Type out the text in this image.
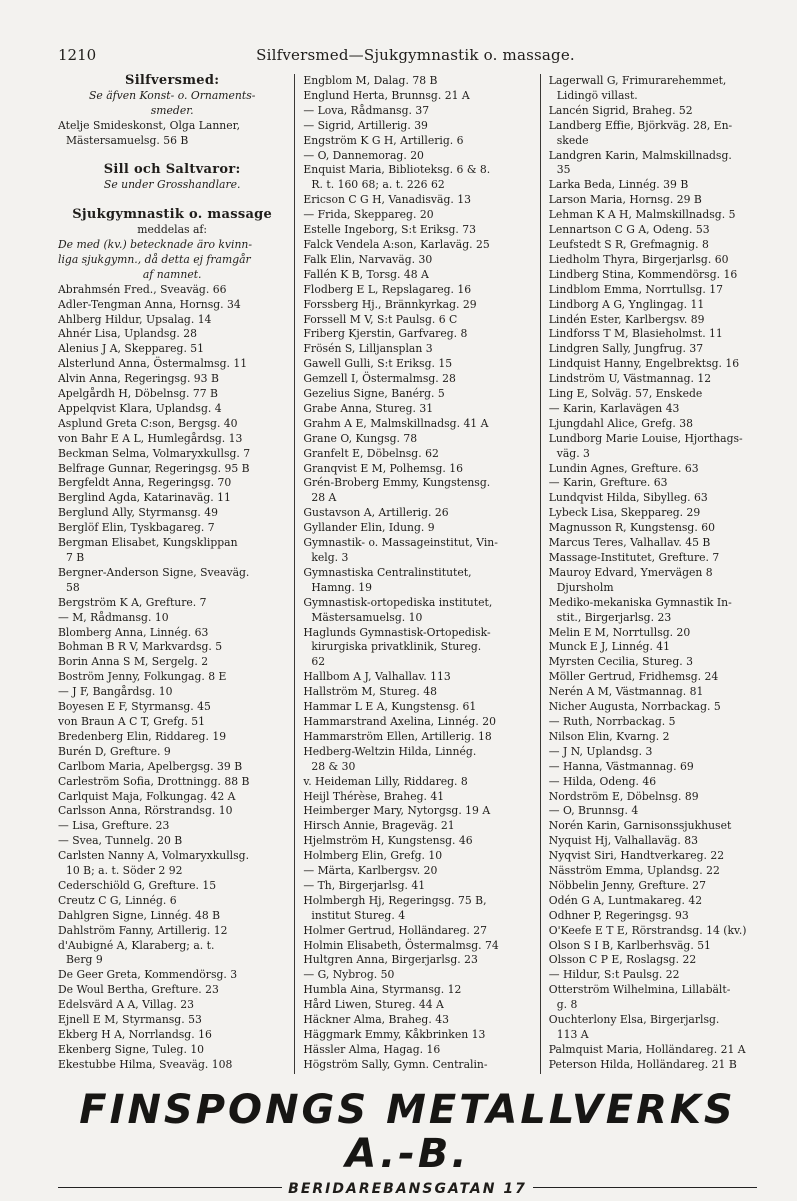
1210	Silfversmed—Sjukgymnastik o. massage.
Silfversmed:
Se äfven Konst- o. Ornaments-
smeder.
Atelje Smideskonst, Olga Lanner,
Mästersamuelsg. 56 B

Sill och Saltvaror:
Se under Grosshandlare.

Sjukgymnastik o. massage
meddelas af:
De med (kv.) betecknade äro kvinn-
liga sjukgymn., då detta ej framgår
af namnet.
Abrahmsén Fred., Sveaväg. 66
Adler-Tengman Anna, Hornsg. 34
Ahlberg Hildur, Upsalag. 14
Ahnér Lisa, Uplandsg. 28
Alenius J A, Skeppareg. 51
Alsterlund Anna, Östermalmsg. 11
Alvin Anna, Regeringsg. 93 B
Apelgårdh H, Döbelnsg. 77 B
Appelqvist Klara, Uplandsg. 4
Asplund Greta C:son, Bergsg. 40
von Bahr E A L, Humlegårdsg. 13
Beckman Selma, Volmaryxkullsg. 7
Belfrage Gunnar, Regeringsg. 95 B
Bergfeldt Anna, Regeringsg. 70
Berglind Agda, Katarinaväg. 11
Berglund Ally, Styrmansg. 49
Berglöf Elin, Tyskbagareg. 7
Bergman Elisabet, Kungsklippan
7 B
Bergner-Anderson Signe, Sveaväg.
58
Bergström K A, Grefture. 7
— M, Rådmansg. 10
Blomberg Anna, Linnég. 63
Bohman B R V, Markvardsg. 5
Borin Anna S M, Sergelg. 2
Boström Jenny, Folkungag. 8 E
— J F, Bangårdsg. 10
Boyesen E F, Styrmansg. 45
von Braun A C T, Grefg. 51
Bredenberg Elin, Riddareg. 19
Burén D, Grefture. 9
Carlbom Maria, Apelbergsg. 39 B
Carleström Sofia, Drottningg. 88 B
Carlquist Maja, Folkungag. 42 A
Carlsson Anna, Rörstrandsg. 10
— Lisa, Grefture. 23
— Svea, Tunnelg. 20 B
Carlsten Nanny A, Volmaryxkullsg.
10 B; a. t. Söder 2 92
Cederschiöld G, Grefture. 15
Creutz C G, Linnég. 6
Dahlgren Signe, Linnég. 48 B
Dahlström Fanny, Artillerig. 12
d'Aubigné A, Klaraberg; a. t.
Berg 9
De Geer Greta, Kommendörsg. 3
De Woul Bertha, Grefture. 23
Edelsvärd A A, Villag. 23
Ejnell E M, Styrmansg. 53
Ekberg H A, Norrlandsg. 16
Ekenberg Signe, Tuleg. 10
Ekestubbe Hilma, Sveaväg. 108
Engblom M, Dalag. 78 B
Englund Herta, Brunnsg. 21 A
— Lova, Rådmansg. 37
— Sigrid, Artillerig. 39
Engström K G H, Artillerig. 6
— O, Dannemorag. 20
Enquist Maria, Biblioteksg. 6 & 8.
R. t. 160 68; a. t. 226 62
Ericson C G H, Vanadisväg. 13
— Frida, Skeppareg. 20
Estelle Ingeborg, S:t Eriksg. 73
Falck Vendela A:son, Karlaväg. 25
Falk Elin, Narvaväg. 30
Fallén K B, Torsg. 48 A
Flodberg E L, Repslagareg. 16
Forssberg Hj., Brännkyrkag. 29
Forssell M V, S:t Paulsg. 6 C
Friberg Kjerstin, Garfvareg. 8
Frösén S, Lilljansplan 3
Gawell Gulli, S:t Eriksg. 15
Gemzell I, Östermalmsg. 28
Gezelius Signe, Banérg. 5
Grabe Anna, Stureg. 31
Grahm A E, Malmskillnadsg. 41 A
Grane O, Kungsg. 78
Granfelt E, Döbelnsg. 62
Granqvist E M, Polhemsg. 16
Grén-Broberg Emmy, Kungstensg.
28 A
Gustavson A, Artillerig. 26
Gyllander Elin, Idung. 9
Gymnastik- o. Massageinstitut, Vin-
kelg. 3
Gymnastiska Centralinstitutet,
Hamng. 19
Gymnastisk-ortopediska institutet,
Mästersamuelsg. 10
Haglunds Gymnastisk-Ortopedisk-
kirurgiska privatklinik, Stureg.
62
Hallbom A J, Valhallav. 113
Hallström M, Stureg. 48
Hammar L E A, Kungstensg. 61
Hammarstrand Axelina, Linnég. 20
Hammarström Ellen, Artillerig. 18
Hedberg-Weltzin Hilda, Linnég.
28 & 30
v. Heideman Lilly, Riddareg. 8
Heijl Thérèse, Braheg. 41
Heimberger Mary, Nytorgsg. 19 A
Hirsch Annie, Brageväg. 21
Hjelmström H, Kungstensg. 46
Holmberg Elin, Grefg. 10
— Märta, Karlbergsv. 20
— Th, Birgerjarlsg. 41
Holmbergh Hj, Regeringsg. 75 B,
institut Stureg. 4
Holmer Gertrud, Holländareg. 27
Holmin Elisabeth, Östermalmsg. 74
Hultgren Anna, Birgerjarlsg. 23
— G, Nybrog. 50
Humbla Aina, Styrmansg. 12
Hård Liwen, Stureg. 44 A
Häckner Alma, Braheg. 43
Häggmark Emmy, Kåkbrinken 13
Hässler Alma, Hagag. 16
Högström Sally, Gymn. Centralin-
Lagerwall G, Frimurarehemmet,
Lidingö villast.
Lancén Sigrid, Braheg. 52
Landberg Effie, Björkväg. 28, En-
skede
Landgren Karin, Malmskillnadsg.
35
Larka Beda, Linnég. 39 B
Larson Maria, Hornsg. 29 B
Lehman K A H, Malmskillnadsg. 5
Lennartson C G A, Odeng. 53
Leufstedt S R, Grefmagnig. 8
Liedholm Thyra, Birgerjarlsg. 60
Lindberg Stina, Kommendörsg. 16
Lindblom Emma, Norrtullsg. 17
Lindborg A G, Ynglingag. 11
Lindén Ester, Karlbergsv. 89
Lindforss T M, Blasieholmst. 11
Lindgren Sally, Jungfrug. 37
Lindquist Hanny, Engelbrektsg. 16
Lindström U, Västmannag. 12
Ling E, Solväg. 57, Enskede
— Karin, Karlavägen 43
Ljungdahl Alice, Grefg. 38
Lundborg Marie Louise, Hjorthags-
väg. 3
Lundin Agnes, Grefture. 63
— Karin, Grefture. 63
Lundqvist Hilda, Sibylleg. 63
Lybeck Lisa, Skeppareg. 29
Magnusson R, Kungstensg. 60
Marcus Teres, Valhallav. 45 B
Massage-Institutet, Grefture. 7
Mauroy Edvard, Ymervägen 8
Djursholm
Mediko-mekaniska Gymnastik In-
stit., Birgerjarlsg. 23
Melin E M, Norrtullsg. 20
Munck E J, Linnég. 41
Myrsten Cecilia, Stureg. 3
Möller Gertrud, Fridhemsg. 24
Nerén A M, Västmannag. 81
Nicher Augusta, Norrbackag. 5
— Ruth, Norrbackag. 5
Nilson Elin, Kvarng. 2
— J N, Uplandsg. 3
— Hanna, Västmannag. 69
— Hilda, Odeng. 46
Nordström E, Döbelnsg. 89
— O, Brunnsg. 4
Norén Karin, Garnisonssjukhuset
Nyquist Hj, Valhallaväg. 83
Nyqvist Siri, Handtverkareg. 22
Näsström Emma, Uplandsg. 22
Nöbbelin Jenny, Grefture. 27
Odén G A, Luntmakareg. 42
Odhner P, Regeringsg. 93
O'Keefe E T E, Rörstrandsg. 14 (kv.)
Olson S I B, Karlberhsväg. 51
Olsson C P E, Roslagsg. 22
— Hildur, S:t Paulsg. 22
Otterström Wilhelmina, Lillabält-
g. 8
Ouchterlony Elsa, Birgerjarlsg.
113 A
Palmquist Maria, Holländareg. 21 A
Peterson Hilda, Holländareg. 21 B
FINSPONGS METALLVERKS A.-B.
BERIDAREBANSGATAN 17
